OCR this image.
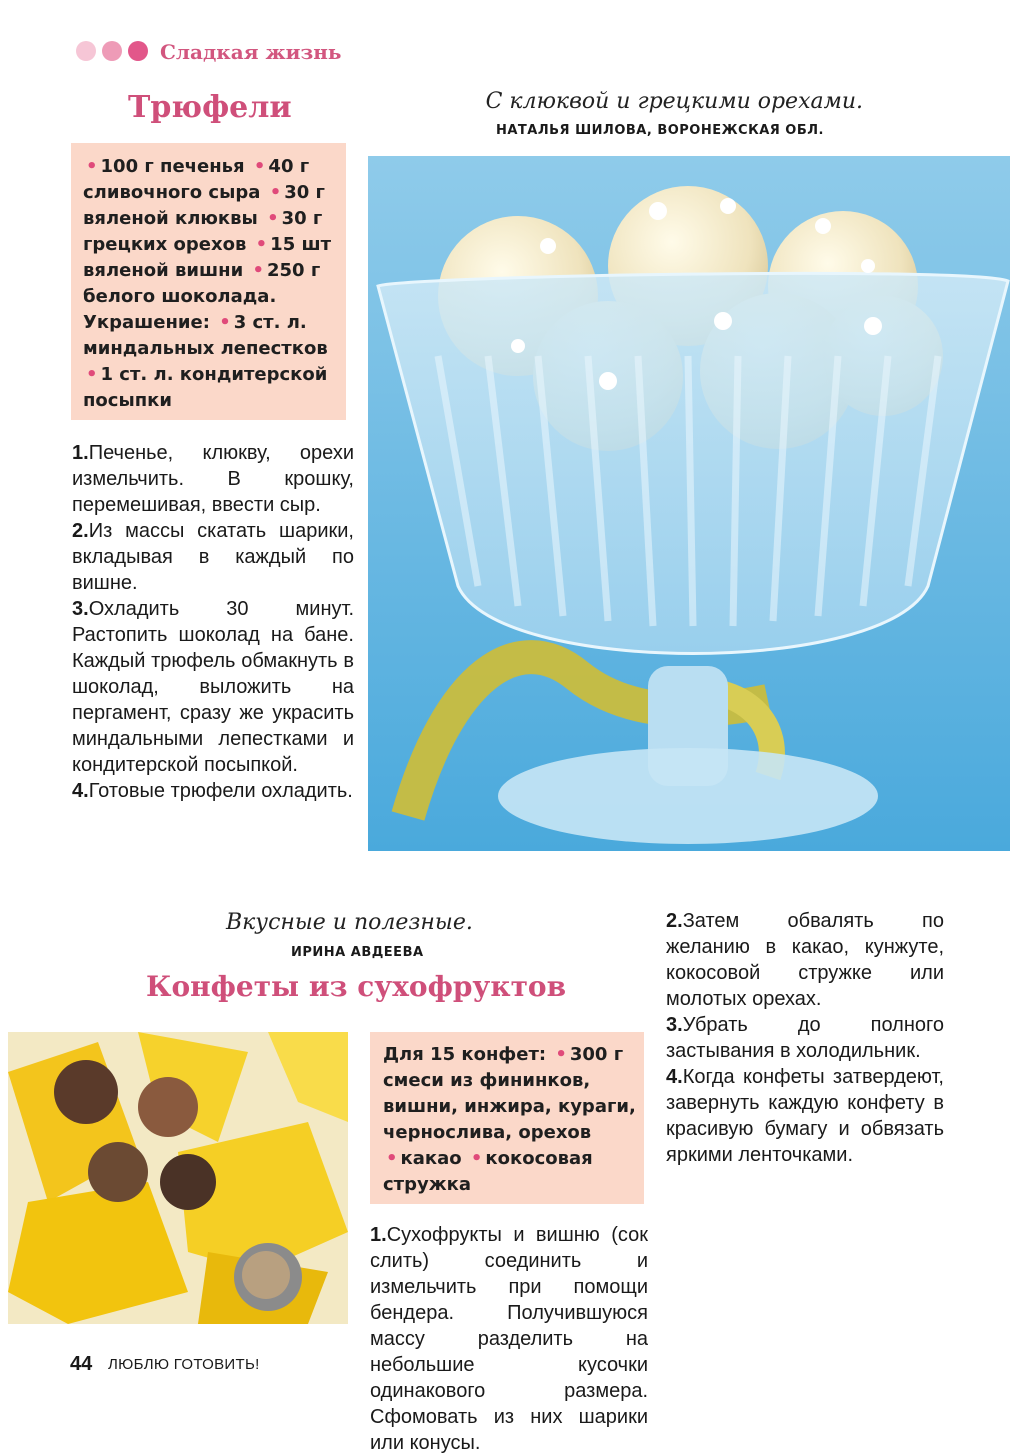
Сладкая жизнь
Трюфели	С клюквой и грецкими орехами.
НАТАЛЬЯ ШИЛОВА, ВОРОНЕЖСКАЯ ОБЛ.
• 100 г печенья • 40 г сливочного сыра • 30 г вяленой клюквы • 30 г грецких орехов • 15 шт вяленой вишни • 250 г белого шоколада.
Украшение: • 3 ст. л. миндальных лепестков • 1 ст. л. кондитерской посыпки

1.Печенье, клюкву, орехи измельчить. В крошку, перемешивая, ввести сыр.

2.Из массы скатать шарики, вкладывая в каждый по вишне.

3.Охладить 30 минут. Растопить шоколад на бане. Каждый трюфель обмакнуть в шоколад, выложить на пергамент, сразу же украсить миндальными лепестками и кондитерской посыпкой.

4.Готовые трюфели охладить.

Вкусные и полезные.
ИРИНА АВДЕЕВА
Конфеты из сухофруктов
Для 15 конфет: • 300 г смеси из фининков, вишни, инжира, кураги, чернослива, орехов • какао • кокосовая стружка

1.Сухофрукты и вишню (сок слить) соединить и измельчить при помощи бендера. Получившуюся массу разделить на небольшие кусочки одинакового размера. Сфомовать из них шарики или конусы.

2.Затем обвалять по желанию в какао, кунжуте, кокосовой стружке или молотых орехах.

3.Убрать до полного застывания в холодильник.

4.Когда конфеты затвердеют, завернуть каждую конфету в красивую бумагу и обвязать яркими ленточками.

44 ЛЮБЛЮ ГОТОВИТЬ!
